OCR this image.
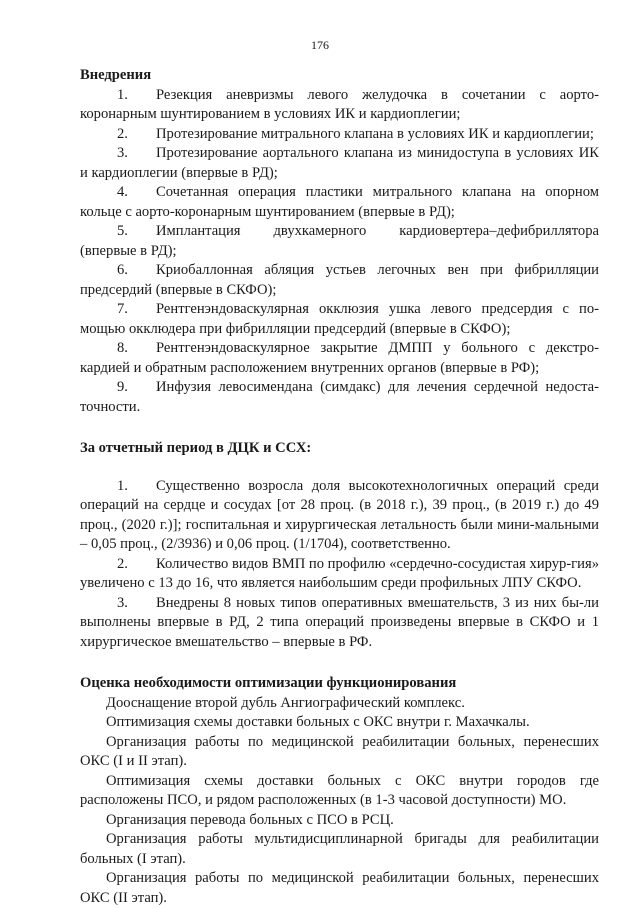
176
Внедрения

1. Резекция аневризмы левого желудочка в сочетании с аорто-коронарным шунтированием в условиях ИК и кардиоплегии;

2. Протезирование митрального клапана в условиях ИК и кардиоплегии;

3. Протезирование аортального клапана из минидоступа в условиях ИК и кардиоплегии (впервые в РД);

4. Сочетанная операция пластики митрального клапана на опорном кольце с аорто-коронарным шунтированием (впервые в РД);

5. Имплантация двухкамерного кардиовертера–дефибриллятора (впервые в РД);

6. Криобаллонная абляция устьев легочных вен при фибрилляции предсердий (впервые в СКФО);

7. Рентгенэндоваскулярная окклюзия ушка левого предсердия с по-мощью окклюдера при фибрилляции предсердий (впервые в СКФО);

8. Рентгенэндоваскулярное закрытие ДМПП у больного с декстро-кардией и обратным расположением внутренних органов (впервые в РФ);

9. Инфузия левосимендана (симдакс) для лечения сердечной недоста-точности.

За отчетный период в ДЦК и ССХ:

1. Существенно возросла доля высокотехнологичных операций среди операций на сердце и сосудах [от 28 проц. (в 2018 г.), 39 проц., (в 2019 г.) до 49 проц., (2020 г.)]; госпитальная и хирургическая летальность были мини-мальными – 0,05 проц., (2/3936) и 0,06 проц. (1/1704), соответственно.

2. Количество видов ВМП по профилю «сердечно-сосудистая хирур-гия» увеличено с 13 до 16, что является наибольшим среди профильных ЛПУ СКФО.

3. Внедрены 8 новых типов оперативных вмешательств, 3 из них бы-ли выполнены впервые в РД, 2 типа операций произведены впервые в СКФО и 1 хирургическое вмешательство – впервые в РФ.

Оценка необходимости оптимизации функционирования

Дооснащение второй дубль Ангиографический комплекс.

Оптимизация схемы доставки больных с ОКС внутри г. Махачкалы.

Организация работы по медицинской реабилитации больных, перенесших ОКС (I и II этап).

Оптимизация схемы доставки больных с ОКС внутри городов где расположены ПСО, и рядом расположенных (в 1-3 часовой доступности) МО.

Организация перевода больных с ПСО в РСЦ.

Организация работы мультидисциплинарной бригады для реабилитации больных (I этап).

Организация работы по медицинской реабилитации больных, перенесших ОКС (II этап).
